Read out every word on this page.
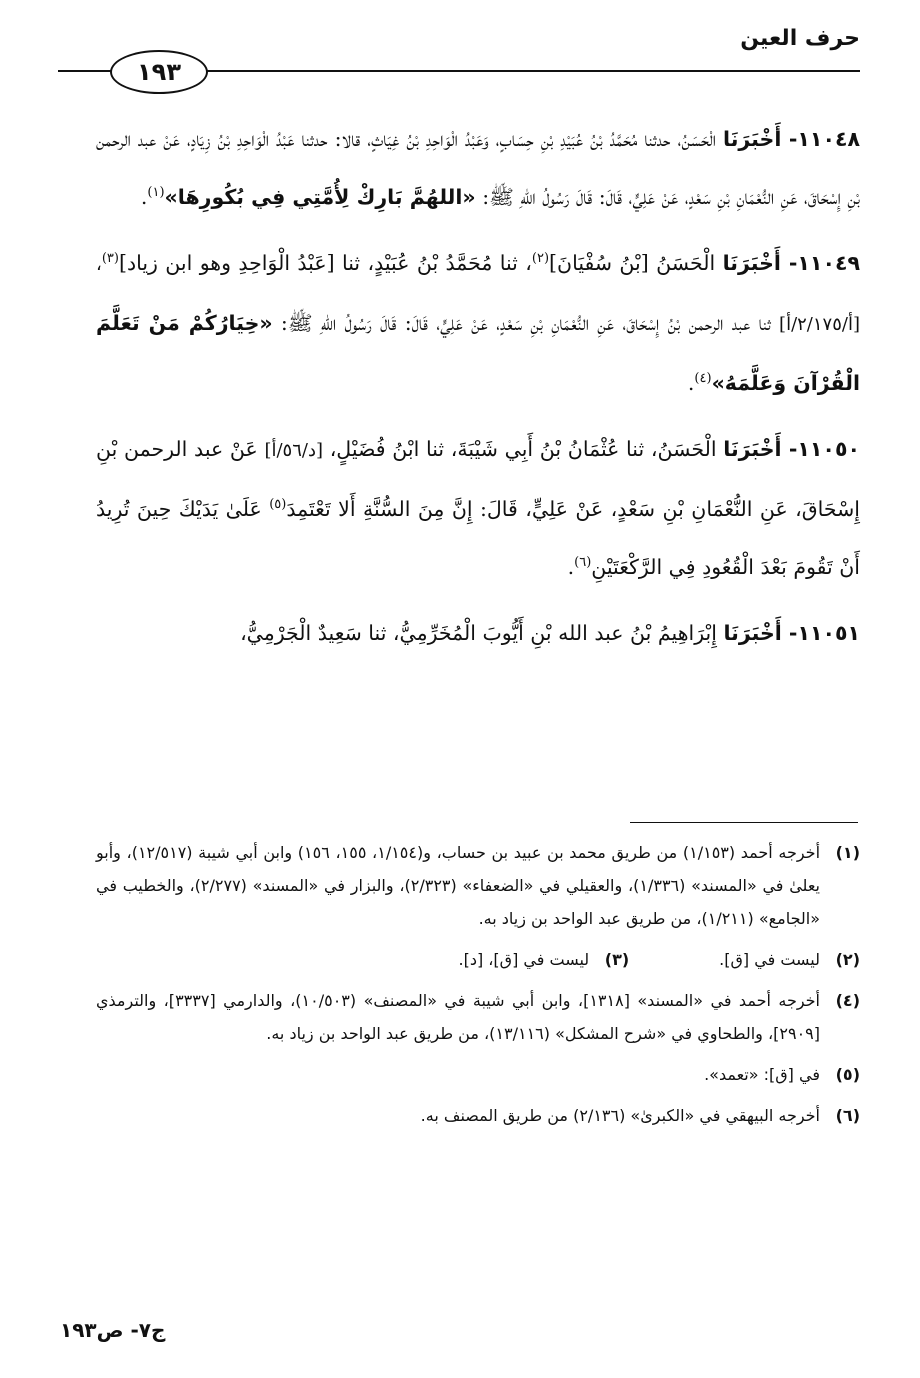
حرف العين
١٩٣

١١٠٤٨- أَخْبَرَنَا الْحَسَنُ، حدثنا مُحَمَّدُ بْنُ عُبَيْدِ بْنِ حِسَابٍ، وَعَبْدُ الْوَاحِدِ بْنُ غِيَاثٍ، قالا: حدثنا عَبْدُ الْوَاحِدِ بْنُ زِيَادٍ، عَنْ عبد الرحمن بْنِ إِسْحَاقَ، عَنِ النُّعْمَانِ بْنِ سَعْدٍ، عَنْ عَلِيٍّ، قَالَ: قَالَ رَسُولُ اللهِ ﷺ: «اللهُمَّ بَارِكْ لِأُمَّتِي فِي بُكُورِهَا»$^{(١)}$.

١١٠٤٩- أَخْبَرَنَا الْحَسَنُ [بْنُ سُفْيَانَ]$^{(٢)}$، ثنا مُحَمَّدُ بْنُ عُبَيْدٍ، ثنا [عَبْدُ الْوَاحِدِ وهو ابن زياد]$^{(٣)}$، [أ/٢/١٧٥/أ] ثنا عبد الرحمن بْنُ إِسْحَاقَ، عَنِ النُّعْمَانِ بْنِ سَعْدٍ، عَنْ عَلِيٍّ، قَالَ: قَالَ رَسُولُ اللهِ ﷺ: «خِيَارُكُمْ مَنْ تَعَلَّمَ الْقُرْآنَ وَعَلَّمَهُ»$^{(٤)}$.

١١٠٥٠- أَخْبَرَنَا الْحَسَنُ، ثنا عُثْمَانُ بْنُ أَبِي شَيْبَةَ، ثنا ابْنُ فُضَيْلٍ، [د/٥٦/أ] عَنْ عبد الرحمن بْنِ إِسْحَاقَ، عَنِ النُّعْمَانِ بْنِ سَعْدٍ، عَنْ عَلِيٍّ، قَالَ: إِنَّ مِنَ السُّنَّةِ أَلا تَعْتَمِدَ$^{(٥)}$ عَلَىٰ يَدَيْكَ حِينَ تُرِيدُ أَنْ تَقُومَ بَعْدَ الْقُعُودِ فِي الرَّكْعَتَيْنِ$^{(٦)}$.

١١٠٥١- أَخْبَرَنَا إِبْرَاهِيمُ بْنُ عبد الله بْنِ أَيُّوبَ الْمُخَرِّمِيُّ، ثنا سَعِيدٌ الْجَرْمِيُّ،

(١)
أخرجه أحمد (١/١٥٣) من طريق محمد بن عبيد بن حساب، و(١/١٥٤، ١٥٥، ١٥٦) وابن أبي شيبة (١٢/٥١٧)، وأبو يعلىٰ في «المسند» (١/٣٣٦)، والعقيلي في «الضعفاء» (٢/٣٢٣)، والبزار في «المسند» (٢/٢٧٧)، والخطيب في «الجامع» (١/٢١١)، من طريق عبد الواحد بن زياد به.
(٢)
ليست في [ق].
(٣)
ليست في [ق]، [د].
(٤)
أخرجه أحمد في «المسند» [١٣١٨]، وابن أبي شيبة في «المصنف» (١٠/٥٠٣)، والدارمي [٣٣٣٧]، والترمذي [٢٩٠٩]، والطحاوي في «شرح المشكل» (١٣/١١٦)، من طريق عبد الواحد بن زياد به.
(٥)
في [ق]: «تعمد».
(٦)
أخرجه البيهقي في «الكبرىٰ» (٢/١٣٦) من طريق المصنف به.
ج٧- ص١٩٣
